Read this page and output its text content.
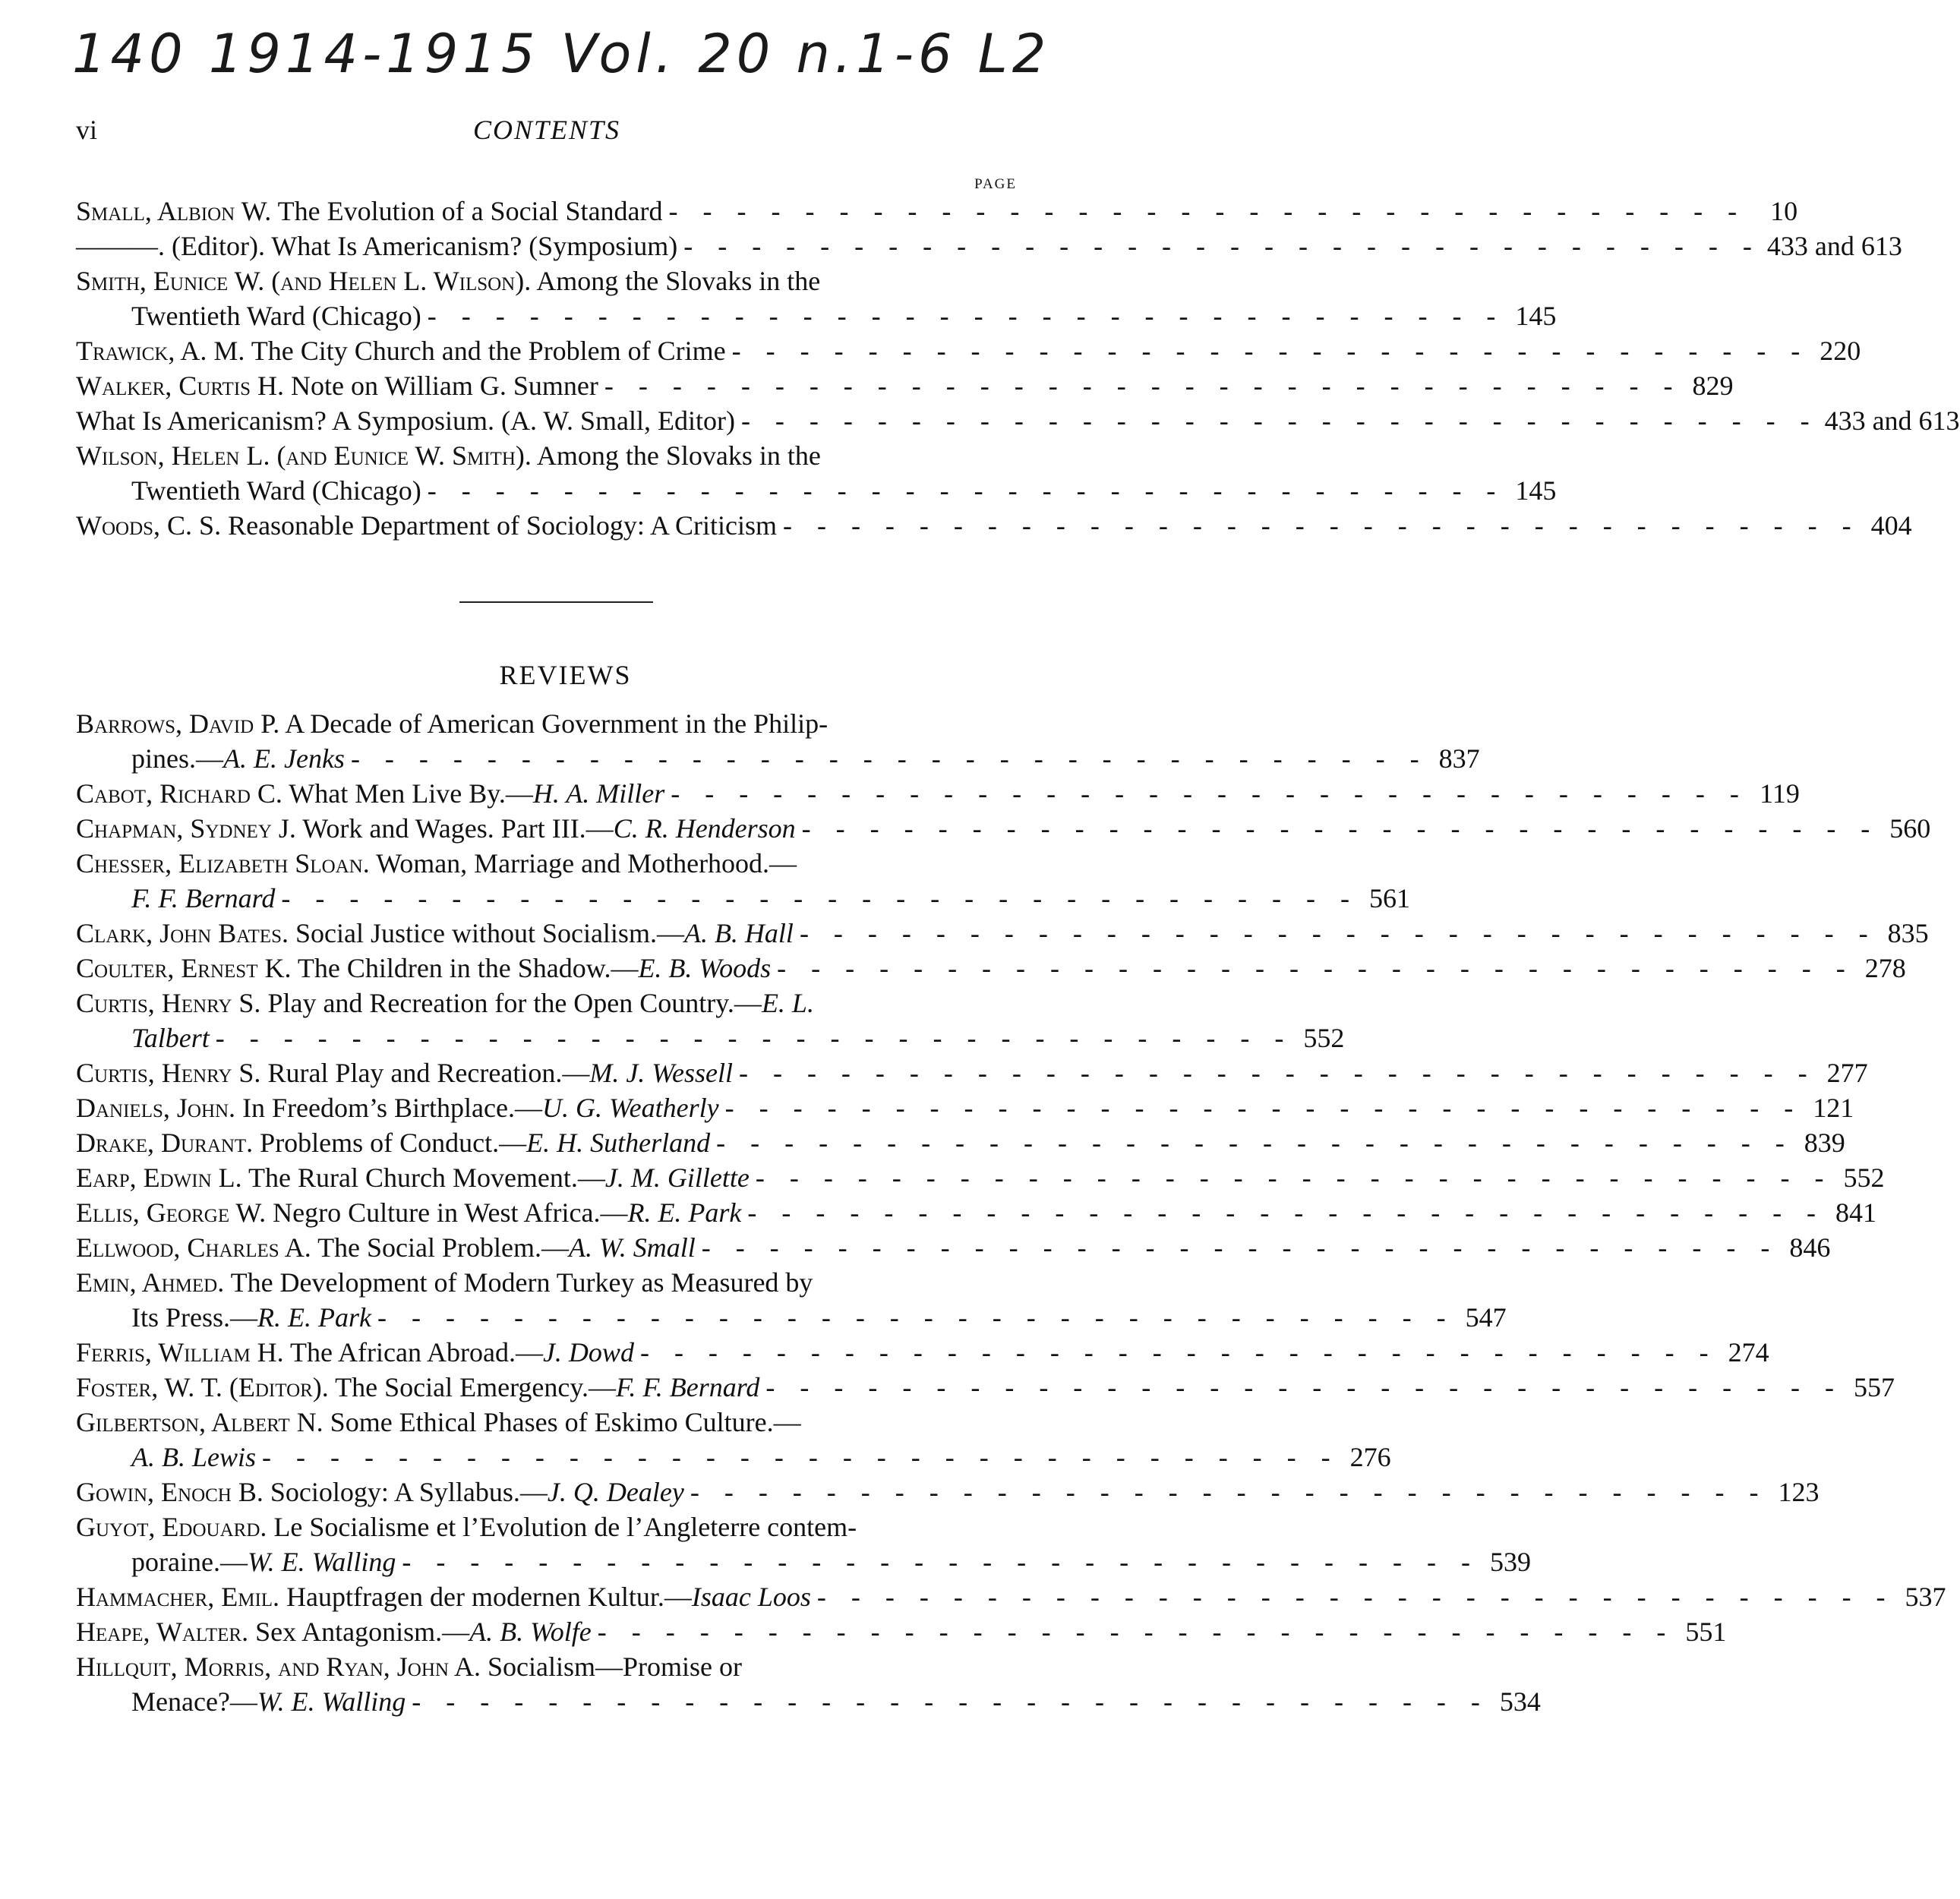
140 1914-1915 Vol. 20 n.1-6 L2
vi	CONTENTS
PAGE
Small, Albion W. The Evolution of a Social Standard - - - - - - - - - - - - - - - - - - - - - - - - - - - - - - - - 10
———. (Editor). What Is Americanism? (Symposium) - - - - - - - - - - - - - - - - - - - - - - - - - - - - - - - - 433 and 613
Smith, Eunice W. (and Helen L. Wilson). Among the Slovaks in the
Twentieth Ward (Chicago) - - - - - - - - - - - - - - - - - - - - - - - - - - - - - - - - 145
Trawick, A. M. The City Church and the Problem of Crime - - - - - - - - - - - - - - - - - - - - - - - - - - - - - - - - 220
Walker, Curtis H. Note on William G. Sumner - - - - - - - - - - - - - - - - - - - - - - - - - - - - - - - - 829
What Is Americanism? A Symposium. (A. W. Small, Editor) - - - - - - - - - - - - - - - - - - - - - - - - - - - - - - - - 433 and 613
Wilson, Helen L. (and Eunice W. Smith). Among the Slovaks in the
Twentieth Ward (Chicago) - - - - - - - - - - - - - - - - - - - - - - - - - - - - - - - - 145
Woods, C. S. Reasonable Department of Sociology: A Criticism - - - - - - - - - - - - - - - - - - - - - - - - - - - - - - - - 404
REVIEWS
Barrows, David P. A Decade of American Government in the Philip-
pines.—A. E. Jenks - - - - - - - - - - - - - - - - - - - - - - - - - - - - - - - - 837
Cabot, Richard C. What Men Live By.—H. A. Miller - - - - - - - - - - - - - - - - - - - - - - - - - - - - - - - - 119
Chapman, Sydney J. Work and Wages. Part III.—C. R. Henderson - - - - - - - - - - - - - - - - - - - - - - - - - - - - - - - - 560
Chesser, Elizabeth Sloan. Woman, Marriage and Motherhood.—
F. F. Bernard - - - - - - - - - - - - - - - - - - - - - - - - - - - - - - - - 561
Clark, John Bates. Social Justice without Socialism.—A. B. Hall - - - - - - - - - - - - - - - - - - - - - - - - - - - - - - - - 835
Coulter, Ernest K. The Children in the Shadow.—E. B. Woods - - - - - - - - - - - - - - - - - - - - - - - - - - - - - - - - 278
Curtis, Henry S. Play and Recreation for the Open Country.—E. L.
Talbert - - - - - - - - - - - - - - - - - - - - - - - - - - - - - - - - 552
Curtis, Henry S. Rural Play and Recreation.—M. J. Wessell - - - - - - - - - - - - - - - - - - - - - - - - - - - - - - - - 277
Daniels, John. In Freedom’s Birthplace.—U. G. Weatherly - - - - - - - - - - - - - - - - - - - - - - - - - - - - - - - - 121
Drake, Durant. Problems of Conduct.—E. H. Sutherland - - - - - - - - - - - - - - - - - - - - - - - - - - - - - - - - 839
Earp, Edwin L. The Rural Church Movement.—J. M. Gillette - - - - - - - - - - - - - - - - - - - - - - - - - - - - - - - - 552
Ellis, George W. Negro Culture in West Africa.—R. E. Park - - - - - - - - - - - - - - - - - - - - - - - - - - - - - - - - 841
Ellwood, Charles A. The Social Problem.—A. W. Small - - - - - - - - - - - - - - - - - - - - - - - - - - - - - - - - 846
Emin, Ahmed. The Development of Modern Turkey as Measured by
Its Press.—R. E. Park - - - - - - - - - - - - - - - - - - - - - - - - - - - - - - - - 547
Ferris, William H. The African Abroad.—J. Dowd - - - - - - - - - - - - - - - - - - - - - - - - - - - - - - - - 274
Foster, W. T. (Editor). The Social Emergency.—F. F. Bernard - - - - - - - - - - - - - - - - - - - - - - - - - - - - - - - - 557
Gilbertson, Albert N. Some Ethical Phases of Eskimo Culture.—
A. B. Lewis - - - - - - - - - - - - - - - - - - - - - - - - - - - - - - - - 276
Gowin, Enoch B. Sociology: A Syllabus.—J. Q. Dealey - - - - - - - - - - - - - - - - - - - - - - - - - - - - - - - - 123
Guyot, Edouard. Le Socialisme et l’Evolution de l’Angleterre contem-
poraine.—W. E. Walling - - - - - - - - - - - - - - - - - - - - - - - - - - - - - - - - 539
Hammacher, Emil. Hauptfragen der modernen Kultur.—Isaac Loos - - - - - - - - - - - - - - - - - - - - - - - - - - - - - - - - 537
Heape, Walter. Sex Antagonism.—A. B. Wolfe - - - - - - - - - - - - - - - - - - - - - - - - - - - - - - - - 551
Hillquit, Morris, and Ryan, John A. Socialism—Promise or
Menace?—W. E. Walling - - - - - - - - - - - - - - - - - - - - - - - - - - - - - - - - 534
